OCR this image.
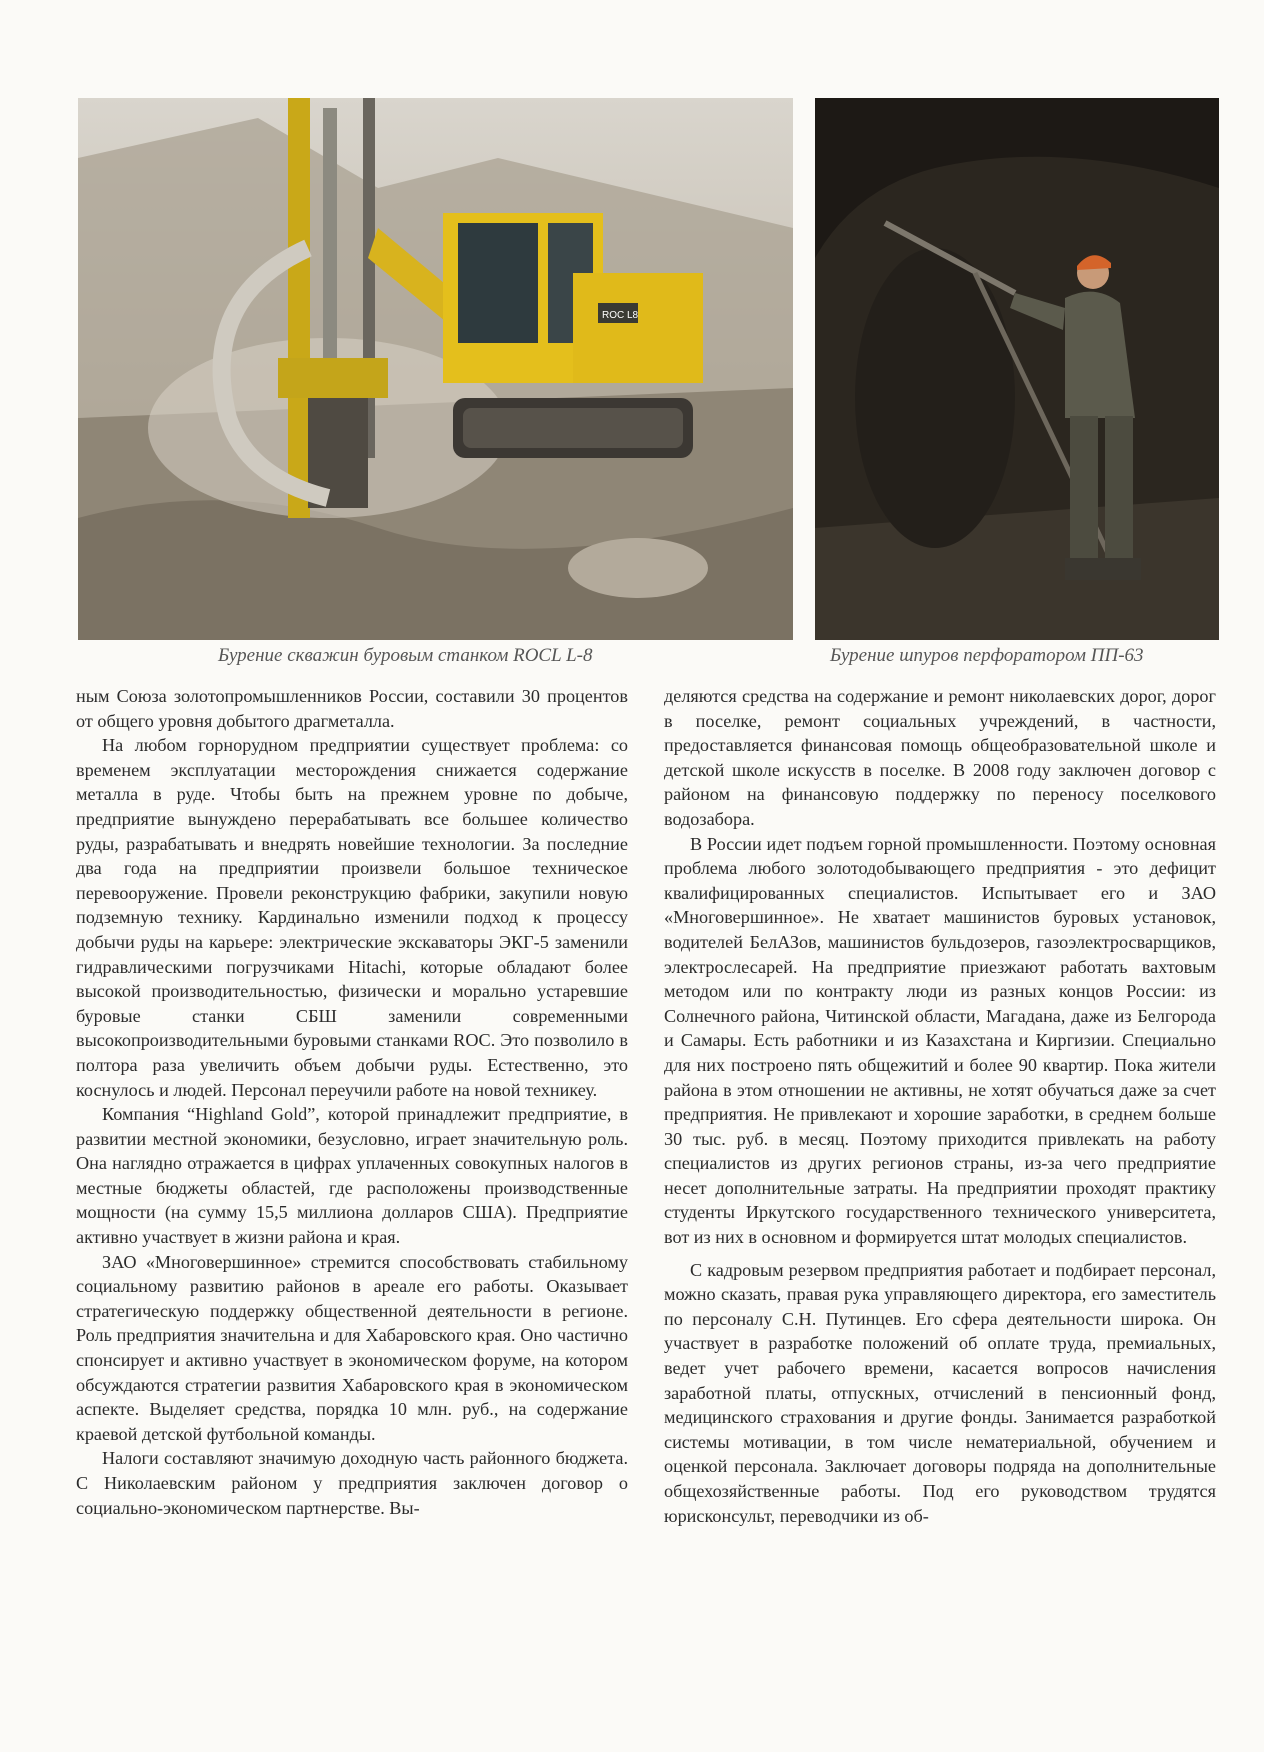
ROC L8
Бурение скважин буровым станком ROCL L-8	Бурение шпуров перфоратором ПП-63

ным Союза золотопромышленников России, составили 30 процентов от общего уровня добытого драгметалла.

На любом горнорудном предприятии существует проблема: со временем эксплуатации месторождения снижается содержание металла в руде. Чтобы быть на прежнем уровне по добыче, предприятие вынуждено перерабатывать все большее количество руды, разрабатывать и внедрять новейшие технологии. За последние два года на предприятии произвели большое техническое перевооружение. Провели реконструкцию фабрики, закупили новую подземную технику. Кардинально изменили подход к процессу добычи руды на карьере: электрические экскаваторы ЭКГ-5 заменили гидравлическими погрузчиками Hitachi, которые обладают более высокой производительностью, физически и морально устаревшие буровые станки СБШ заменили современными высокопроизводительными буровыми станками ROC. Это позволило в полтора раза увеличить объем добычи руды. Естественно, это коснулось и людей. Персонал переучили работе на новой техникеу.

Компания “Highland Gold”, которой принадлежит предприятие, в развитии местной экономики, безусловно, играет значительную роль. Она наглядно отражается в цифрах уплаченных совокупных налогов в местные бюджеты областей, где расположены производственные мощности (на сумму 15,5 миллиона долларов США). Предприятие активно участвует в жизни района и края.

ЗАО «Многовершинное» стремится способствовать стабильному социальному развитию районов в ареале его работы. Оказывает стратегическую поддержку общественной деятельности в регионе. Роль предприятия значительна и для Хабаровского края. Оно частично спонсирует и активно участвует в экономическом форуме, на котором обсуждаются стратегии развития Хабаровского края в экономическом аспекте. Выделяет средства, порядка 10 млн. руб., на содержание краевой детской футбольной команды.

Налоги составляют значимую доходную часть районного бюджета. С Николаевским районом у предприятия заключен договор о социально-экономическом партнерстве. Вы-

деляются средства на содержание и ремонт николаевских дорог, дорог в поселке, ремонт социальных учреждений, в частности, предоставляется финансовая помощь общеобразовательной школе и детской школе искусств в поселке. В 2008 году заключен договор с районом на финансовую поддержку по переносу поселкового водозабора.

В России идет подъем горной промышленности. Поэтому основная проблема любого золотодобывающего предприятия - это дефицит квалифицированных специалистов. Испытывает его и ЗАО «Многовершинное». Не хватает машинистов буровых установок, водителей БелАЗов, машинистов бульдозеров, газоэлектросварщиков, электрослесарей. На предприятие приезжают работать вахтовым методом или по контракту люди из разных концов России: из Солнечного района, Читинской области, Магадана, даже из Белгорода и Самары. Есть работники и из Казахстана и Киргизии. Специально для них построено пять общежитий и более 90 квартир. Пока жители района в этом отношении не активны, не хотят обучаться даже за счет предприятия. Не привлекают и хорошие заработки, в среднем больше 30 тыс. руб. в месяц. Поэтому приходится привлекать на работу специалистов из других регионов страны, из-за чего предприятие несет дополнительные затраты. На предприятии проходят практику студенты Иркутского государственного технического университета, вот из них в основном и формируется штат молодых специалистов.

С кадровым резервом предприятия работает и подбирает персонал, можно сказать, правая рука управляющего директора, его заместитель по персоналу С.Н. Путинцев. Его сфера деятельности широка. Он участвует в разработке положений об оплате труда, премиальных, ведет учет рабочего времени, касается вопросов начисления заработной платы, отпускных, отчислений в пенсионный фонд, медицинского страхования и другие фонды. Занимается разработкой системы мотивации, в том числе нематериальной, обучением и оценкой персонала. Заключает договоры подряда на дополнительные общехозяйственные работы. Под его руководством трудятся юрисконсульт, переводчики из об-
